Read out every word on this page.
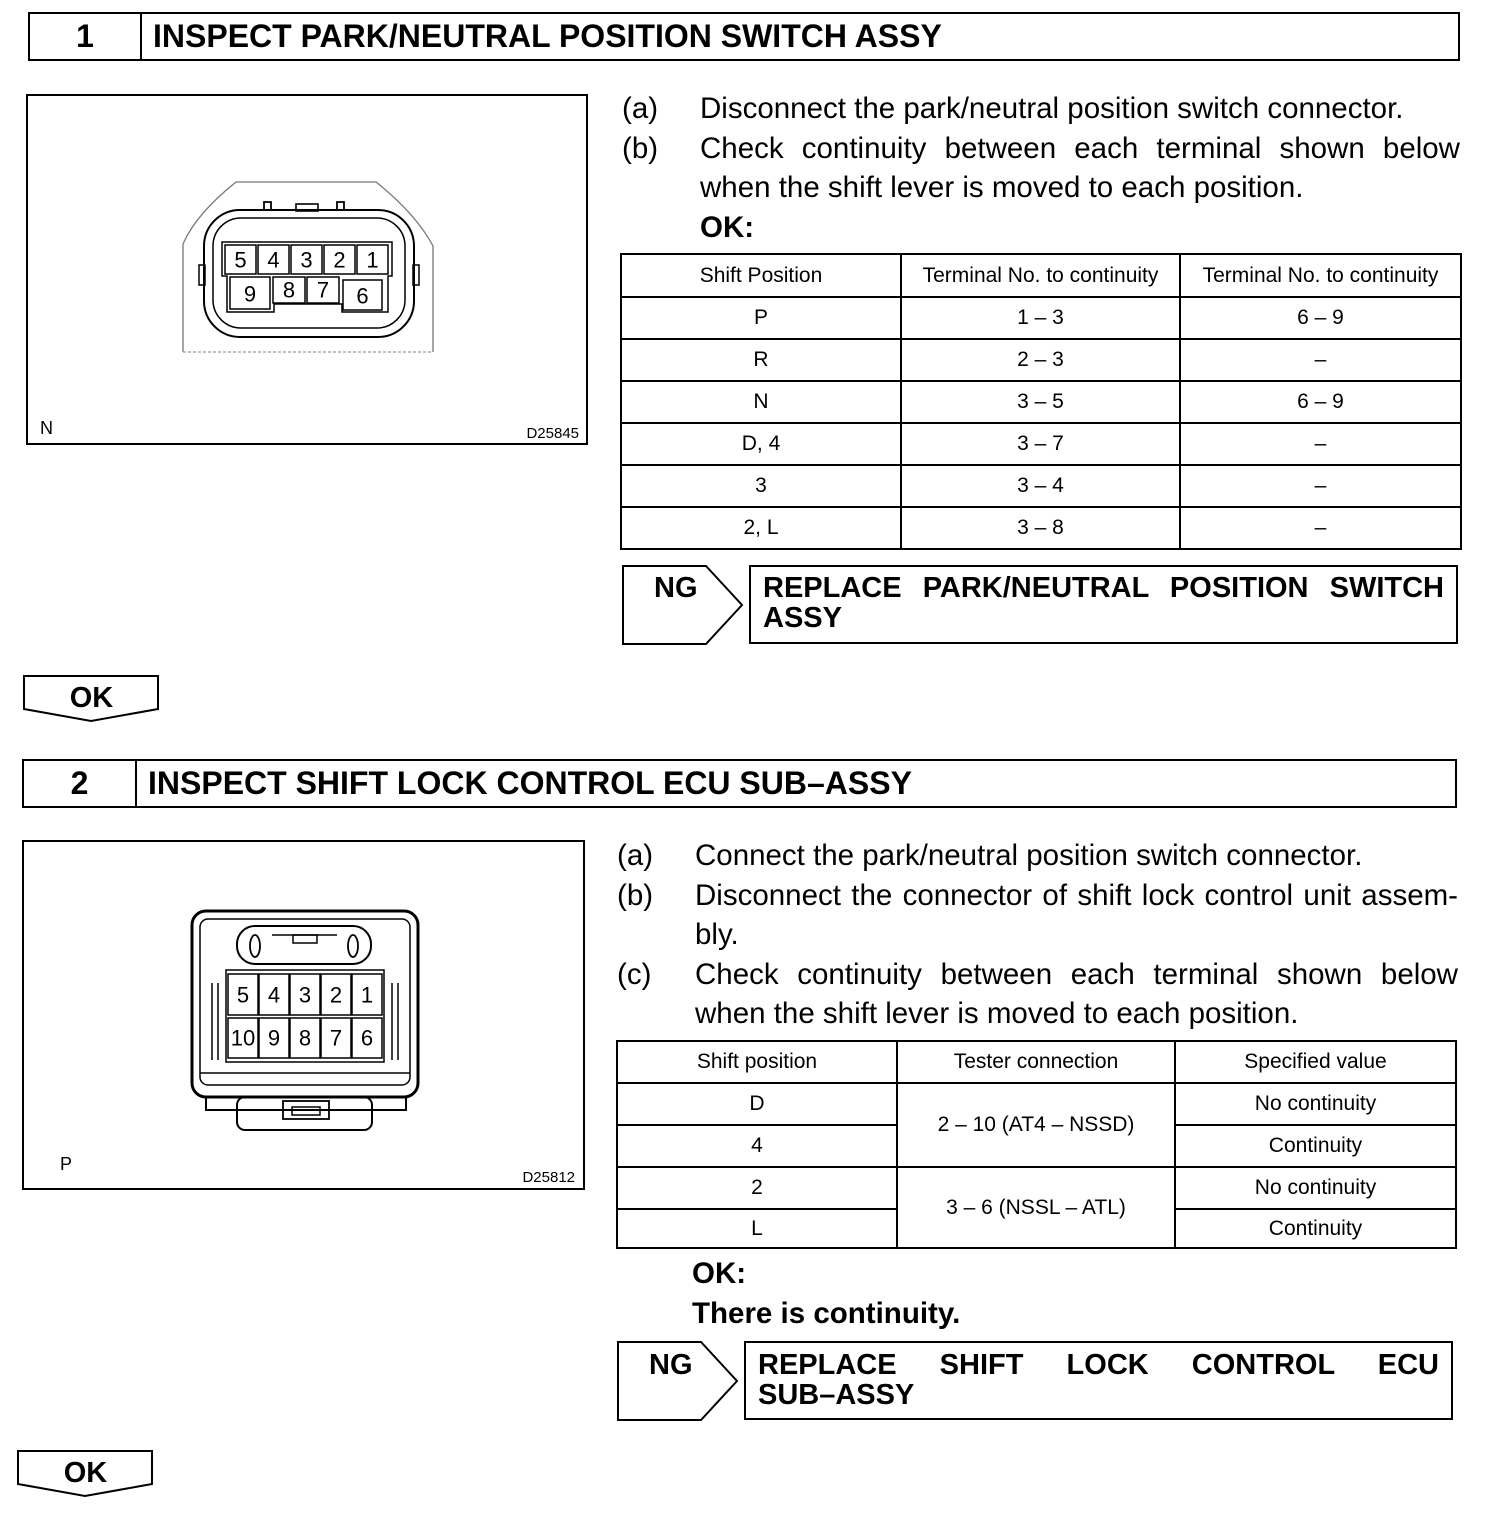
1	INSPECT PARK/NEUTRAL POSITION SWITCH ASSY
5 4 3 2 1
9 8 7 6
N	D25845
(a)	Disconnect the park/neutral position switch connector.
(b)	Check continuity between each terminal shown below
when the shift lever is moved to each position.
OK:
Shift Position	Terminal No. to continuity	Terminal No. to continuity
P	1 – 3	6 – 9
R	2 – 3	–
N	3 – 5	6 – 9
D, 4	3 – 7	–
3	3 – 4	–
2, L	3 – 8	–
NG REPLACE PARK/NEUTRAL POSITION SWITCH
ASSY
OK
2	INSPECT SHIFT LOCK CONTROL ECU SUB–ASSY
5 4 3 2 1
10 9 8 7 6
P
D25812
(a)	Connect the park/neutral position switch connector.
(b)	Disconnect the connector of shift lock control unit assem-
bly.
(c)	Check continuity between each terminal shown below
when the shift lever is moved to each position.
Shift position	Tester connection	Specified value
D	2 – 10 (AT4 – NSSD)	No continuity
4		Continuity
2	3 – 6 (NSSL – ATL)	No continuity
L		Continuity
OK:
There is continuity.
NG REPLACE SHIFT LOCK CONTROL ECU
SUB–ASSY
OK
